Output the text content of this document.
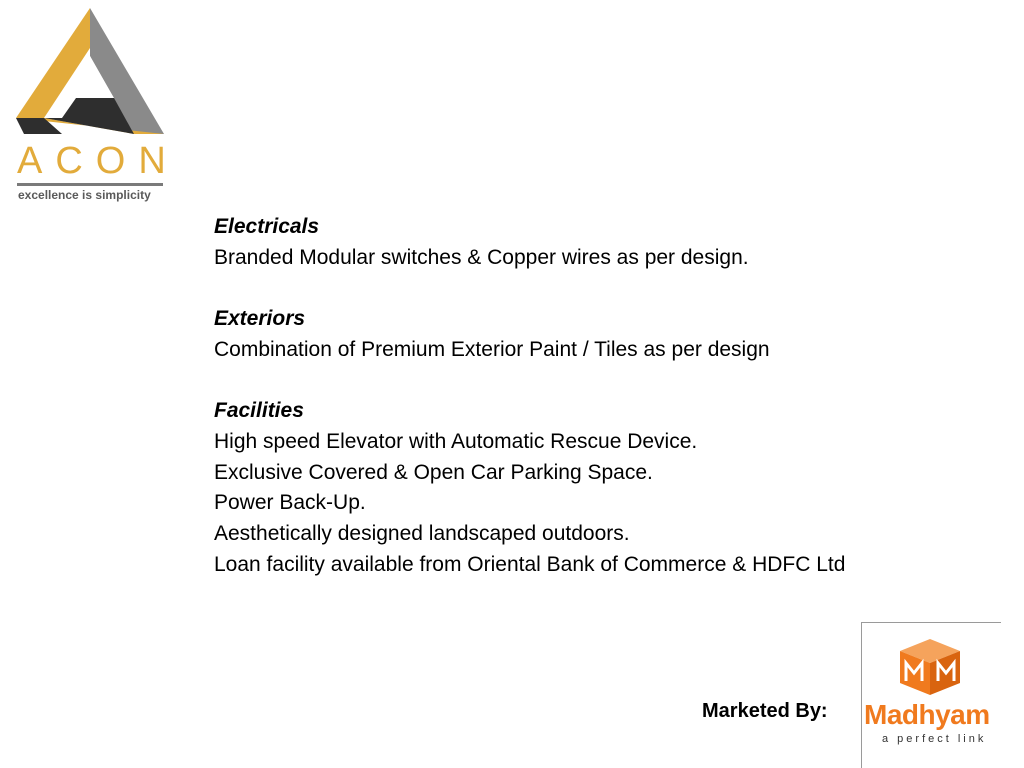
ACON
excellence is simplicity
Electricals

Branded Modular switches & Copper wires as per design.

Exteriors

Combination of Premium Exterior Paint / Tiles as per design

Facilities

High speed Elevator with Automatic Rescue Device.

Exclusive Covered & Open Car Parking Space.

Power Back-Up.

Aesthetically designed landscaped outdoors.

Loan facility available from Oriental Bank of Commerce & HDFC Ltd

Marketed By: Madhyam
a perfect link
